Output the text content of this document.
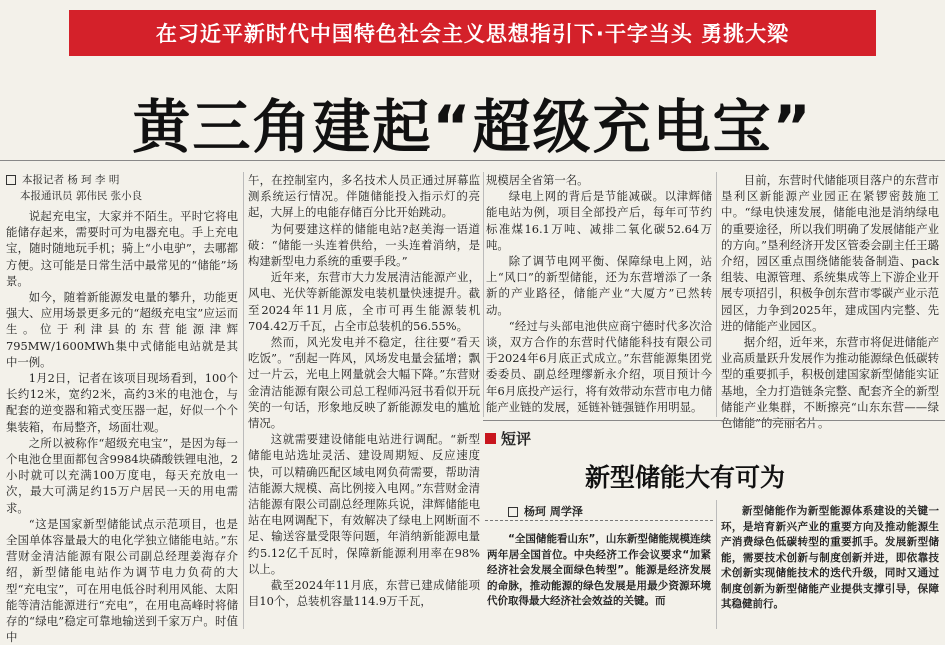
在习近平新时代中国特色社会主义思想指引下·干字当头 勇挑大梁
黄三角建起“超级充电宝”
本报记者 杨 珂 李 明
本报通讯员 郭伟民 张小良

说起充电宝，大家并不陌生。平时它将电能储存起来，需要时可为电器充电。手上充电宝，随时随地玩手机；骑上“小电驴”，去哪都方便。这可能是日常生活中最常见的“储能”场景。

如今，随着新能源发电量的攀升，功能更强大、应用场景更多元的“超级充电宝”应运而生。位于利津县的东营能源津辉795MW/1600MWh集中式储能电站就是其中一例。

1月2日，记者在该项目现场看到，100个长约12米，宽约2米，高约3米的电池仓，与配套的逆变器和箱式变压器一起，好似一个个集装箱，布局整齐，场面壮观。

之所以被称作“超级充电宝”，是因为每一个电池仓里面都包含9984块磷酸铁锂电池，2小时就可以充满100万度电，每天充放电一次，最大可满足约15万户居民一天的用电需求。

“这是国家新型储能试点示范项目，也是全国单体容量最大的电化学独立储能电站。”东营财金清洁能源有限公司副总经理姜海存介绍，新型储能电站作为调节电力负荷的大型“充电宝”，可在用电低谷时利用风能、太阳能等清洁能源进行“充电”，在用电高峰时将储存的“绿电”稳定可靠地输送到千家万户。时值中

午，在控制室内，多名技术人员正通过屏幕监测系统运行情况。伴随储能投入指示灯的亮起，大屏上的电能存储百分比开始跳动。

为何要建这样的储能电站?赵美海一语道破：“储能一头连着供给，一头连着消纳，是构建新型电力系统的重要手段。”

近年来，东营市大力发展清洁能源产业，风电、光伏等新能源发电装机量快速提升。截至2024年11月底，全市可再生能源装机704.42万千瓦，占全市总装机的56.55%。

然而，风光发电并不稳定，往往要“看天吃饭”。“刮起一阵风，风场发电量会猛增；飘过一片云，光电上网量就会大幅下降。”东营财金清洁能源有限公司总工程师冯冠书看似开玩笑的一句话，形象地反映了新能源发电的尴尬情况。

这就需要建设储能电站进行调配。“新型储能电站选址灵活、建设周期短、反应速度快，可以精确匹配区域电网负荷需要，帮助清洁能源大规模、高比例接入电网。”东营财金清洁能源有限公司副总经理陈兵说，津辉储能电站在电网调配下，有效解决了绿电上网断面不足、输送容量受限等问题，年消纳新能源电量约5.12亿千瓦时，保障新能源利用率在98%以上。

截至2024年11月底，东营已建成储能项目10个，总装机容量114.9万千瓦，

规模居全省第一名。

绿电上网的背后是节能减碳。以津辉储能电站为例，项目全部投产后，每年可节约标准煤16.1万吨、减排二氧化碳52.64万吨。

除了调节电网平衡、保障绿电上网，站上“风口”的新型储能，还为东营增添了一条新的产业路径，储能产业“大厦方”已然转动。

“经过与头部电池供应商宁德时代多次洽谈，双方合作的东营时代储能科技有限公司于2024年6月底正式成立。”东营能源集团党委委员、副总经理缪新永介绍，项目预计今年6月底投产运行，将有效带动东营市电力储能产业链的发展，延链补链强链作用明显。

目前，东营时代储能项目落户的东营市垦利区新能源产业园正在紧锣密鼓施工中。“绿电快速发展，储能电池是消纳绿电的重要途径，所以我们明确了发展储能产业的方向。”垦利经济开发区管委会副主任王璐介绍，园区重点围绕储能装备制造、pack组装、电源管理、系统集成等上下游企业开展专项招引，积极争创东营市零碳产业示范园区，力争到2025年，建成国内完整、先进的储能产业园区。

据介绍，近年来，东营市将促进储能产业高质量跃升发展作为推动能源绿色低碳转型的重要抓手，积极创建国家新型储能实证基地，全力打造链条完整、配套齐全的新型储能产业集群，不断擦亮“山东东营——绿色储能”的亮丽名片。

短评
新型储能大有可为
杨珂 周学泽

“全国储能看山东”，山东新型储能规模连续两年居全国首位。中央经济工作会议要求“加紧经济社会发展全面绿色转型”。能源是经济发展的命脉，推动能源的绿色发展是用最少资源环境代价取得最大经济社会效益的关键。而

新型储能作为新型能源体系建设的关键一环，是培育新兴产业的重要方向及推动能源生产消费绿色低碳转型的重要抓手。发展新型储能，需要技术创新与制度创新并进，即依靠技术创新实现储能技术的迭代升级，同时又通过制度创新为新型储能产业提供支撑引导，保障其稳健前行。
